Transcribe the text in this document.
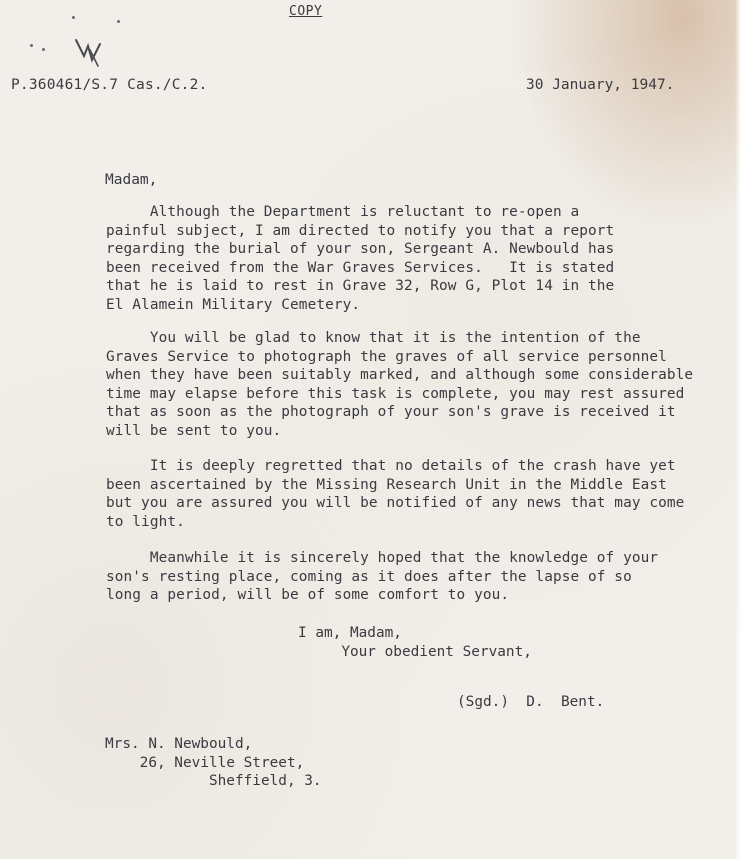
COPY
P.360461/S.7 Cas./C.2.	30 January, 1947.
Madam,
Although the Department is reluctant to re-open a
painful subject, I am directed to notify you that a report
regarding the burial of your son, Sergeant A. Newbould has
been received from the War Graves Services.   It is stated
that he is laid to rest in Grave 32, Row G, Plot 14 in the
El Alamein Military Cemetery.
You will be glad to know that it is the intention of the
Graves Service to photograph the graves of all service personnel
when they have been suitably marked, and although some considerable
time may elapse before this task is complete, you may rest assured
that as soon as the photograph of your son's grave is received it
will be sent to you.
It is deeply regretted that no details of the crash have yet
been ascertained by the Missing Research Unit in the Middle East
but you are assured you will be notified of any news that may come
to light.
Meanwhile it is sincerely hoped that the knowledge of your
son's resting place, coming as it does after the lapse of so
long a period, will be of some comfort to you.
I am, Madam,
Your obedient Servant,
(Sgd.)  D.  Bent.
Mrs. N. Newbould,
26, Neville Street,
Sheffield, 3.
